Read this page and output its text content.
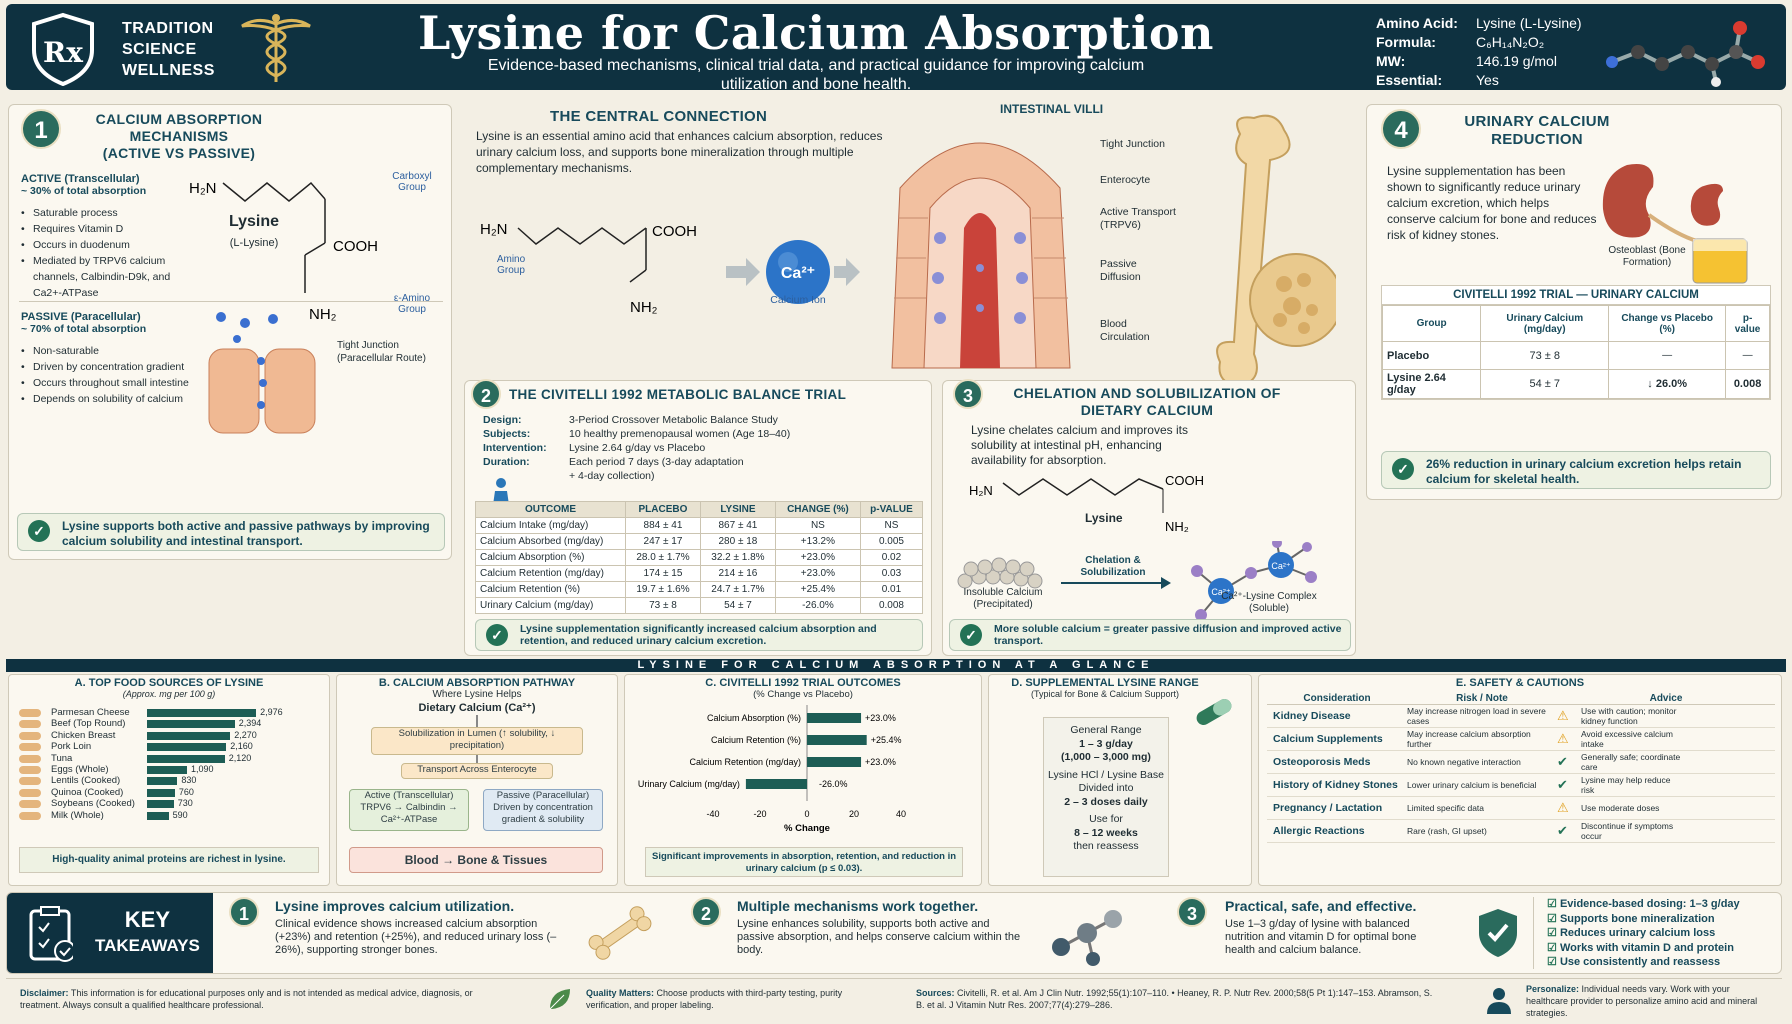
Rx
TRADITION
SCIENCE
WELLNESS
Lysine for Calcium Absorption
Evidence-based mechanisms, clinical trial data, and practical guidance for improving calcium utilization and bone health.
Amino Acid: Lysine (L-Lysine)
Formula:	C₆H₁₄N₂O₂
MW:	146.19 g/mol
Essential: Yes
1	CALCIUM ABSORPTION MECHANISMS
(ACTIVE VS PASSIVE)
ACTIVE (Transcellular)
~ 30% of total absorption
• Saturable process
• Requires Vitamin D
• Occurs in duodenum
• Mediated by TRPV6 calcium channels, Calbindin-D9k, and Ca2+-ATPase
H₂N
COOH
NH₂
Lysine
(L-Lysine)
Carboxyl Group
ε-Amino Group
PASSIVE (Paracellular)
~ 70% of total absorption
• Non-saturable
• Driven by concentration gradient
• Occurs throughout small intestine
• Depends on solubility of calcium
Tight Junction (Paracellular Route)
✓	Lysine supports both active and passive pathways by improving calcium solubility and intestinal transport.
THE CENTRAL CONNECTION
Lysine is an essential amino acid that enhances calcium absorption, reduces urinary calcium loss, and supports bone mineralization through multiple complementary mechanisms.
H₂N	COOH
NH₂
Amino Group	Ca²⁺
Calcium Ion
INTESTINAL VILLI
Tight Junction
Enterocyte
Active Transport (TRPV6)
Passive Diffusion
Blood Circulation
4	URINARY CALCIUM REDUCTION
Lysine supplementation has been shown to significantly reduce urinary calcium excretion, which helps conserve calcium for bone and reduces risk of kidney stones.
Osteoblast (Bone Formation)
CIVITELLI 1992 TRIAL — URINARY CALCIUM
Group	Urinary Calcium (mg/day)	Change vs Placebo (%)	p-value
Placebo	73 ± 8	—	—
Lysine 2.64 g/day	54 ± 7	↓ 26.0%	0.008
✓	26% reduction in urinary calcium excretion helps retain calcium for skeletal health.
2	THE CIVITELLI 1992 METABOLIC BALANCE TRIAL
Design:	3-Period Crossover Metabolic Balance Study
Subjects:	10 healthy premenopausal women (Age 18–40)
Intervention: Lysine 2.64 g/day vs Placebo
Duration:	Each period 7 days (3-day adaptation + 4-day collection)
OUTCOME	PLACEBO	LYSINE	CHANGE (%)	p-VALUE
Calcium Intake (mg/day)	884 ± 41	867 ± 41	NS	NS
Calcium Absorbed (mg/day)	247 ± 17	280 ± 18	+13.2%	0.005
Calcium Absorption (%)	28.0 ± 1.7%	32.2 ± 1.8%	+23.0%	0.02
Calcium Retention (mg/day)	174 ± 15	214 ± 16	+23.0%	0.03
Calcium Retention (%)	19.7 ± 1.6%	24.7 ± 1.7%	+25.4%	0.01
Urinary Calcium (mg/day)	73 ± 8	54 ± 7	-26.0%	0.008
✓	Lysine supplementation significantly increased calcium absorption and retention, and reduced urinary calcium excretion.
3	CHELATION AND SOLUBILIZATION OF DIETARY CALCIUM
Lysine chelates calcium and improves its solubility at intestinal pH, enhancing availability for absorption.
H₂N
COOH
NH₂
Lysine
Ca²⁺
Ca²⁺
Insoluble Calcium (Precipitated)
Chelation & Solubilization
Ca²⁺-Lysine Complex (Soluble)
✓	More soluble calcium = greater passive diffusion and improved active transport.
LYSINE FOR CALCIUM ABSORPTION AT A GLANCE
A. TOP FOOD SOURCES OF LYSINE
(Approx. mg per 100 g)
Parmesan Cheese	2,976
Beef (Top Round)	2,394
Chicken Breast	2,270
Pork Loin	2,160
Tuna	2,120
Eggs (Whole)	1,090
Lentils (Cooked)	830
Quinoa (Cooked)	760
Soybeans (Cooked)	730
Milk (Whole)	590
High-quality animal proteins are richest in lysine.
B. CALCIUM ABSORPTION PATHWAY
Where Lysine Helps
Dietary Calcium (Ca²⁺)
Solubilization in Lumen (↑ solubility, ↓ precipitation)
Transport Across Enterocyte
Active (Transcellular) TRPV6 → Calbindin → Ca²⁺-ATPase
Passive (Paracellular) Driven by concentration gradient & solubility
Blood → Bone & Tissues
C. CIVITELLI 1992 TRIAL OUTCOMES
(% Change vs Placebo)
Calcium Absorption (%)	+23.0%
Calcium Retention (%)	+25.4%
Calcium Retention (mg/day)	+23.0%
Urinary Calcium (mg/day)	-26.0%
-40	-20	0	20	40
% Change
Significant improvements in absorption, retention, and reduction in urinary calcium (p ≤ 0.03).
D. SUPPLEMENTAL LYSINE RANGE
(Typical for Bone & Calcium Support)
General Range
1 – 3 g/day
(1,000 – 3,000 mg)
Lysine HCl / Lysine Base
Divided into
2 – 3 doses daily
Use for
8 – 12 weeks
then reassess
E. SAFETY & CAUTIONS
Consideration	Risk / Note	Advice
Kidney Disease	May increase nitrogen load in severe cases	⚠ Use with caution; monitor kidney function
Calcium Supplements	May increase calcium absorption further	⚠ Avoid excessive calcium intake
Osteoporosis Meds	No known negative interaction	✔ Generally safe; coordinate care
History of Kidney Stones	Lower urinary calcium is beneficial	✔ Lysine may help reduce risk
Pregnancy / Lactation	Limited specific data	⚠ Use moderate doses
Allergic Reactions	Rare (rash, GI upset)	✔ Discontinue if symptoms occur
KEY
TAKEAWAYS
1	Lysine improves calcium utilization.
Clinical evidence shows increased calcium absorption (+23%) and retention (+25%), and reduced urinary loss (–26%), supporting stronger bones.
2	Multiple mechanisms work together.
Lysine enhances solubility, supports both active and passive absorption, and helps conserve calcium within the body.
3	Practical, safe, and effective.
Use 1–3 g/day of lysine with balanced nutrition and vitamin D for optimal bone health and calcium balance.
☑ Evidence-based dosing: 1–3 g/day
☑ Supports bone mineralization
☑ Reduces urinary calcium loss
☑ Works with vitamin D and protein
☑ Use consistently and reassess
Disclaimer: This information is for educational purposes only and is not intended as medical advice, diagnosis, or treatment. Always consult a qualified healthcare professional.
Quality Matters: Choose products with third-party testing, purity verification, and proper labeling.
Sources: Civitelli, R. et al. Am J Clin Nutr. 1992;55(1):107–110. • Heaney, R. P. Nutr Rev. 2000;58(5 Pt 1):147–153. Abramson, S. B. et al. J Vitamin Nutr Res. 2007;77(4):279–286.
Personalize: Individual needs vary. Work with your healthcare provider to personalize amino acid and mineral strategies.
